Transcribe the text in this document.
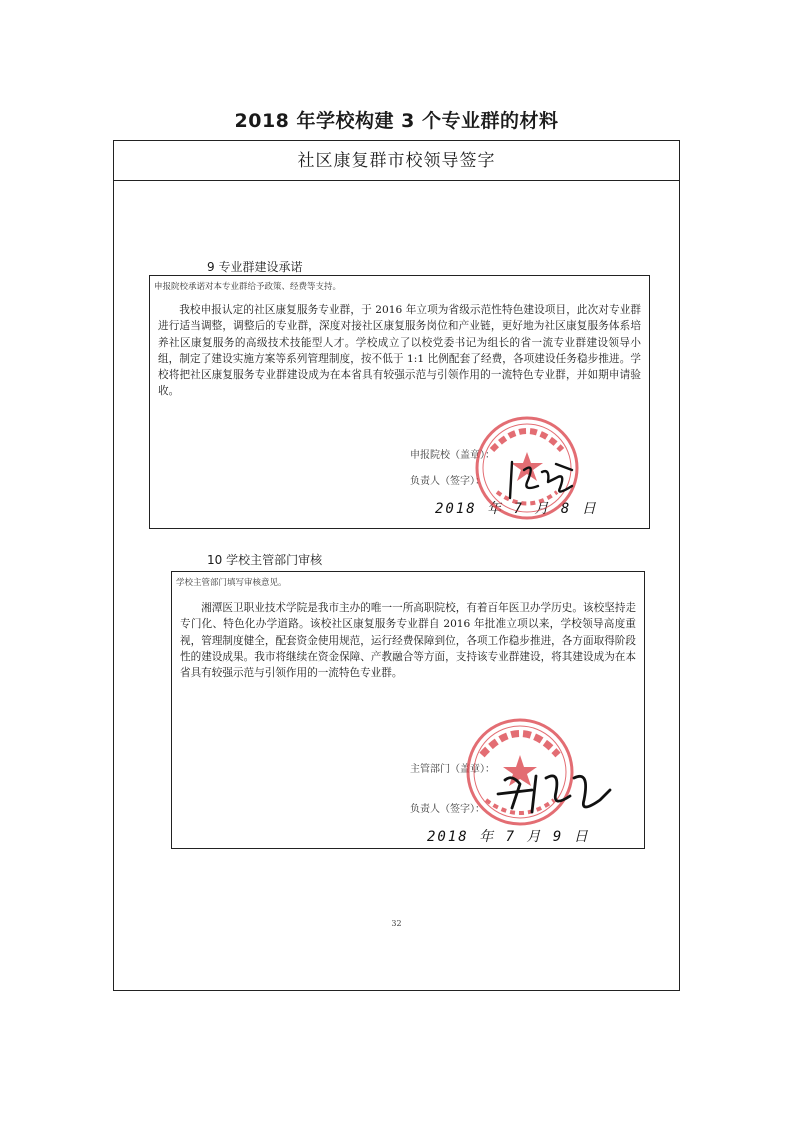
2018 年学校构建 3 个专业群的材料
社区康复群市校领导签字
9 专业群建设承诺
申报院校承诺对本专业群给予政策、经费等支持。
我校申报认定的社区康复服务专业群，于 2016 年立项为省级示范性特色建设项目，此次对专业群进行适当调整，调整后的专业群，深度对接社区康复服务岗位和产业链，更好地为社区康复服务体系培养社区康复服务的高级技术技能型人才。学校成立了以校党委书记为组长的省一流专业群建设领导小组，制定了建设实施方案等系列管理制度，按不低于 1:1 比例配套了经费，各项建设任务稳步推进。学校将把社区康复服务专业群建设成为在本省具有较强示范与引领作用的一流特色专业群，并如期申请验收。
申报院校（盖章）：
负责人（签字）：
2018 年 7 月 8 日
10 学校主管部门审核
学校主管部门填写审核意见。
湘潭医卫职业技术学院是我市主办的唯一一所高职院校，有着百年医卫办学历史。该校坚持走专门化、特色化办学道路。该校社区康复服务专业群自 2016 年批准立项以来，学校领导高度重视，管理制度健全，配套资金使用规范，运行经费保障到位，各项工作稳步推进，各方面取得阶段性的建设成果。我市将继续在资金保障、产教融合等方面，支持该专业群建设，将其建设成为在本省具有较强示范与引领作用的一流特色专业群。
主管部门（盖章）：
负责人（签字）：
2018 年 7 月 9 日
32
